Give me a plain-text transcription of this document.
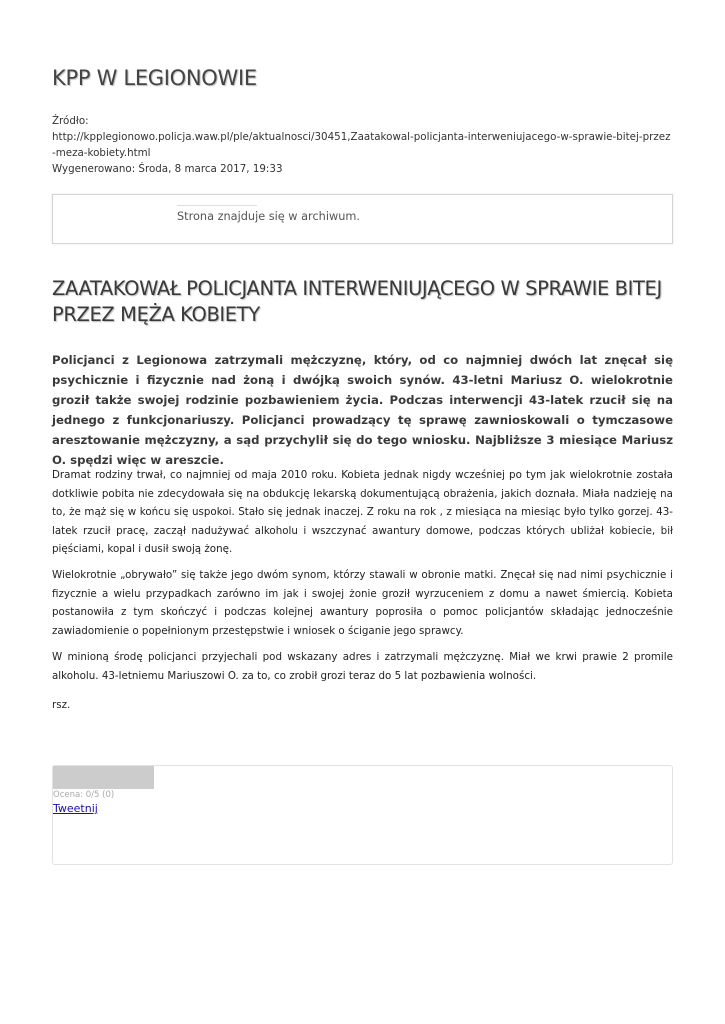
KPP W LEGIONOWIE
Źródło:
http://kpplegionowo.policja.waw.pl/ple/aktualnosci/30451,Zaatakowal-policjanta-interweniujacego-w-sprawie-bitej-przez-meza-kobiety.html
Wygenerowano: Środa, 8 marca 2017, 19:33
Strona znajduje się w archiwum.
ZAATAKOWAŁ POLICJANTA INTERWENIUJĄCEGO W SPRAWIE BITEJ PRZEZ MĘŻA KOBIETY

Policjanci z Legionowa zatrzymali mężczyznę, który, od co najmniej dwóch lat znęcał się psychicznie i fizycznie nad żoną i dwójką swoich synów. 43-letni Mariusz O. wielokrotnie groził także swojej rodzinie pozbawieniem życia. Podczas interwencji 43-latek rzucił się na jednego z funkcjonariuszy. Policjanci prowadzący tę sprawę zawnioskowali o tymczasowe aresztowanie mężczyzny, a sąd przychylił się do tego wniosku. Najbliższe 3 miesiące Mariusz O. spędzi więc w areszcie.

Dramat rodziny trwał, co najmniej od maja 2010 roku. Kobieta jednak nigdy wcześniej po tym jak wielokrotnie została dotkliwie pobita nie zdecydowała się na obdukcję lekarską dokumentującą obrażenia, jakich doznała. Miała nadzieję na to, że mąż się w końcu się uspokoi. Stało się jednak inaczej. Z roku na rok , z miesiąca na miesiąc było tylko gorzej. 43-latek rzucił pracę, zaczął nadużywać alkoholu i wszczynać awantury domowe, podczas których ubliżał kobiecie, bił pięściami, kopal i dusił swoją żonę.

Wielokrotnie „obrywało” się także jego dwóm synom, którzy stawali w obronie matki. Znęcał się nad nimi psychicznie i fizycznie a wielu przypadkach zarówno im jak i swojej żonie groził wyrzuceniem z domu a nawet śmiercią. Kobieta postanowiła z tym skończyć i podczas kolejnej awantury poprosiła o pomoc policjantów składając jednocześnie zawiadomienie o popełnionym przestępstwie i wniosek o ściganie jego sprawcy.

W minioną środę policjanci przyjechali pod wskazany adres i zatrzymali mężczyznę. Miał we krwi prawie 2 promile alkoholu. 43-letniemu Mariuszowi O. za to, co zrobił grozi teraz do 5 lat pozbawienia wolności.

rsz.

Ocena: 0/5 (0)
Tweetnij
